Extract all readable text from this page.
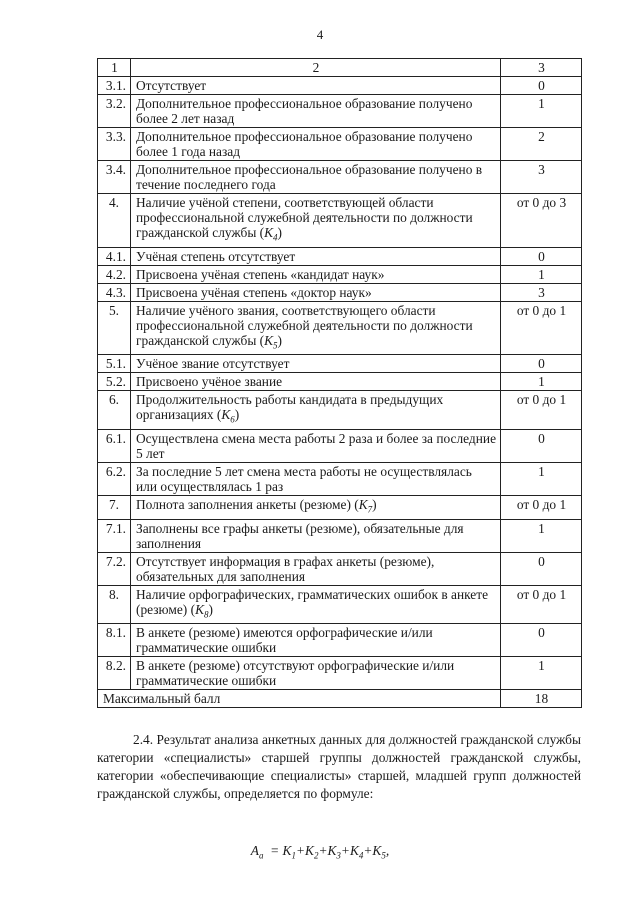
4
1	2	3
3.1.	Отсутствует	0
3.2.	Дополнительное профессиональное образование получено более 2 лет назад	1
3.3.	Дополнительное профессиональное образование получено более 1 года назад	2
3.4.	Дополнительное профессиональное образование получено в течение последнего года	3
4.	Наличие учёной степени, соответствующей области профессиональной служебной деятельности по должности гражданской службы $(К_4)$	от 0 до 3
4.1.	Учёная степень отсутствует	0
4.2.	Присвоена учёная степень «кандидат наук»	1
4.3.	Присвоена учёная степень «доктор наук»	3
5.	Наличие учёного звания, соответствующего области профессиональной служебной деятельности по должности гражданской службы $(К_5)$	от 0 до 1
5.1.	Учёное звание отсутствует	0
5.2.	Присвоено учёное звание	1
6.	Продолжительность работы кандидата в предыдущих организациях $(К_6)$	от 0 до 1
6.1.	Осуществлена смена места работы 2 раза и более за последние 5 лет	0
6.2.	За последние 5 лет смена места работы не осуществлялась или осуществлялась 1 раз	1
7.	Полнота заполнения анкеты (резюме) $(К_7)$	от 0 до 1
7.1.	Заполнены все графы анкеты (резюме), обязательные для заполнения	1
7.2.	Отсутствует информация в графах анкеты (резюме), обязательных для заполнения	0
8.	Наличие орфографических, грамматических ошибок в анкете (резюме) $(К_8)$	от 0 до 1
8.1.	В анкете (резюме) имеются орфографические и/или грамматические ошибки	0
8.2.	В анкете (резюме) отсутствуют орфографические и/или грамматические ошибки	1
Максимальный балл		18

2.4. Результат анализа анкетных данных для должностей гражданской службы категории «специалисты» старшей группы должностей гражданской службы, категории «обеспечивающие специалисты» старшей, младшей групп должностей гражданской службы, определяется по формуле:

$A_a = K_1+K_2+K_3+K_4+K_5$,
